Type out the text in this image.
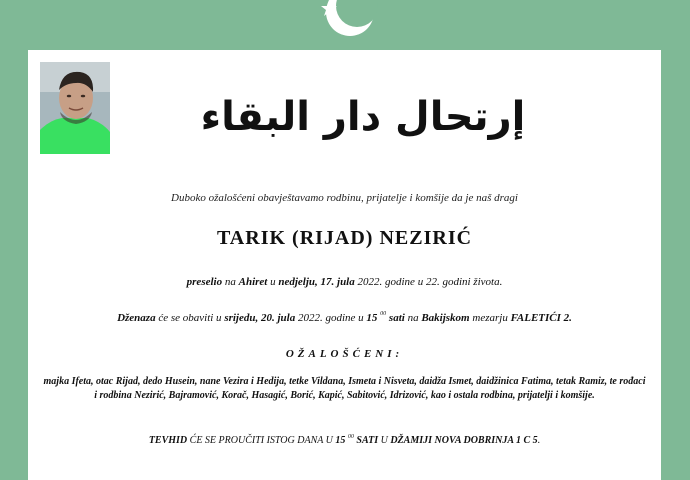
إرتحال دار البقاء
Duboko ožalošćeni obavještavamo rodbinu, prijatelje i komšije da je naš dragi
TARIK (RIJAD) NEZIRIĆ
preselio na Ahiret u nedjelju, 17. jula 2022. godine u 22. godini života.
Dženaza će se obaviti u srijedu, 20. jula 2022. godine u 15 $^{00}$ sati na Bakijskom mezarju FALETIĆI 2.
OŽALOŠĆENI:
majka Ifeta, otac Rijad, dedo Husein, nane Vezira i Hedija, tetke Vildana, Ismeta i Nisveta, daidža Ismet, daidžinica Fatima, tetak Ramiz, te rođaci i rodbina Nezirić, Bajramović, Korač, Hasagić, Borić, Kapić, Sabitović, Idrizović, kao i ostala rodbina, prijatelji i komšije.
TEVHID ĆE SE PROUČITI ISTOG DANA U 15 $^{00}$ SATI U DŽAMIJI NOVA DOBRINJA 1 C 5.
